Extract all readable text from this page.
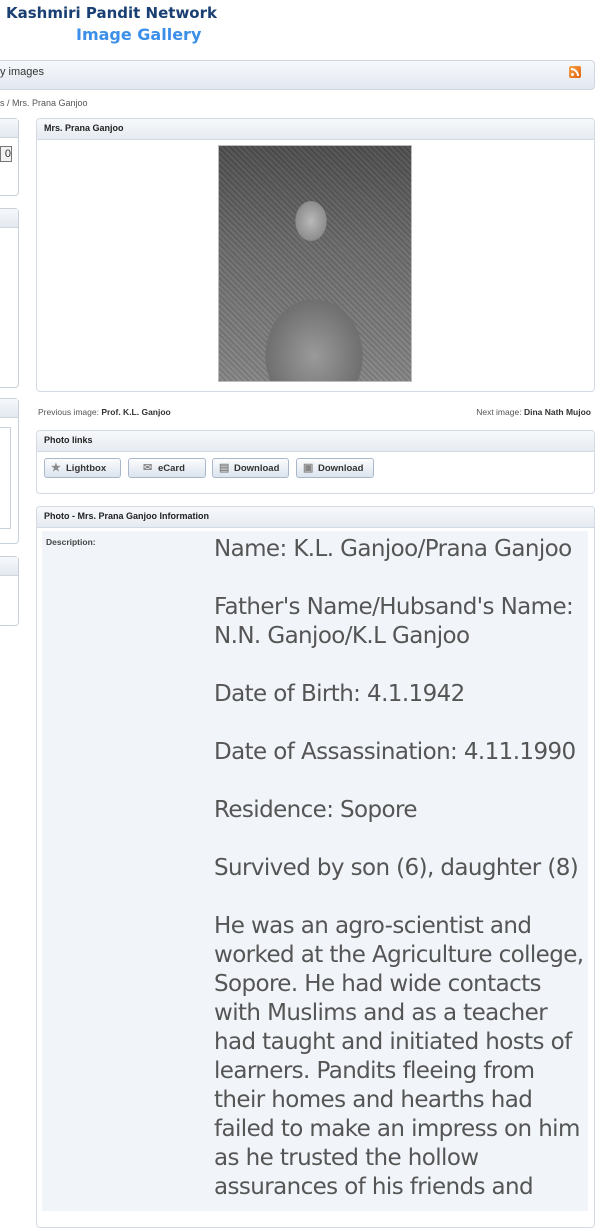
Kashmiri Pandit Network
Image Gallery
y images
s / Mrs. Prana Ganjoo
0
Mrs. Prana Ganjoo
Previous image: Prof. K.L. Ganjoo	Next image: Dina Nath Mujoo
Photo links
★ Lightbox	✉ eCard	▤ Download ▣ Download
Photo - Mrs. Prana Ganjoo Information
Description:	Name: K.L. Ganjoo/Prana Ganjoo

Father's Name/Hubsand's Name: N.N. Ganjoo/K.L Ganjoo

Date of Birth: 4.1.1942

Date of Assassination: 4.11.1990

Residence: Sopore

Survived by son (6), daughter (8)

He was an agro-scientist and worked at the Agriculture college, Sopore. He had wide contacts with Muslims and as a teacher had taught and initiated hosts of learners. Pandits fleeing from their homes and hearths had failed to make an impress on him as he trusted the hollow assurances of his friends and
